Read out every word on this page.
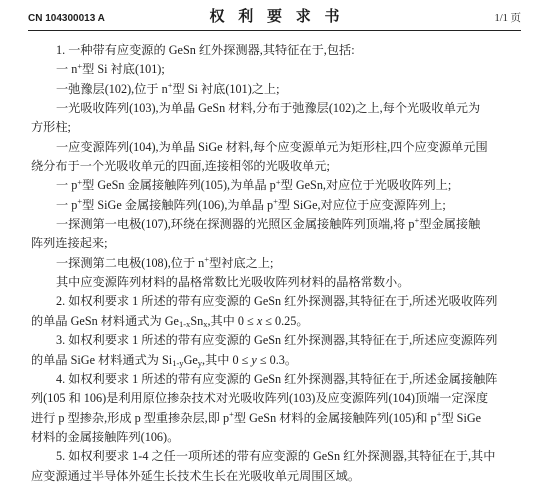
CN 104300013 A	权 利 要 求 书	1/1 页
1. 一种带有应变源的 GeSn 红外探测器,其特征在于,包括:
一 n+型 Si 衬底(101);
一弛豫层(102),位于 n+型 Si 衬底(101)之上;
一光吸收阵列(103),为单晶 GeSn 材料,分布于弛豫层(102)之上,每个光吸收单元为
方形柱;
一应变源阵列(104),为单晶 SiGe 材料,每个应变源单元为矩形柱,四个应变源单元围
绕分布于一个光吸收单元的四面,连接相邻的光吸收单元;
一 p+型 GeSn 金属接触阵列(105),为单晶 p+型 GeSn,对应位于光吸收阵列上;
一 p+型 SiGe 金属接触阵列(106),为单晶 p+型 SiGe,对应位于应变源阵列上;
一探测第一电极(107),环绕在探测器的光照区金属接触阵列顶端,将 p+型金属接触
阵列连接起来;
一探测第二电极(108),位于 n+型衬底之上;
其中应变源阵列材料的晶格常数比光吸收阵列材料的晶格常数小。
2. 如权利要求 1 所述的带有应变源的 GeSn 红外探测器,其特征在于,所述光吸收阵列
的单晶 GeSn 材料通式为 $Ge_{1-x}Sn_x$,其中 0 ≤ x ≤ 0.25。
3. 如权利要求 1 所述的带有应变源的 GeSn 红外探测器,其特征在于,所述应变源阵列
的单晶 SiGe 材料通式为 $Si_{1-y}Ge_y$,其中 0 ≤ y ≤ 0.3。
4. 如权利要求 1 所述的带有应变源的 GeSn 红外探测器,其特征在于,所述金属接触阵
列(105 和 106)是利用原位掺杂技术对光吸收阵列(103)及应变源阵列(104)顶端一定深度
进行 p 型掺杂,形成 p 型重掺杂层,即 p+型 GeSn 材料的金属接触阵列(105)和 p+型 SiGe
材料的金属接触阵列(106)。
5. 如权利要求 1-4 之任一项所述的带有应变源的 GeSn 红外探测器,其特征在于,其中
应变源通过半导体外延生长技术生长在光吸收单元周围区域。
